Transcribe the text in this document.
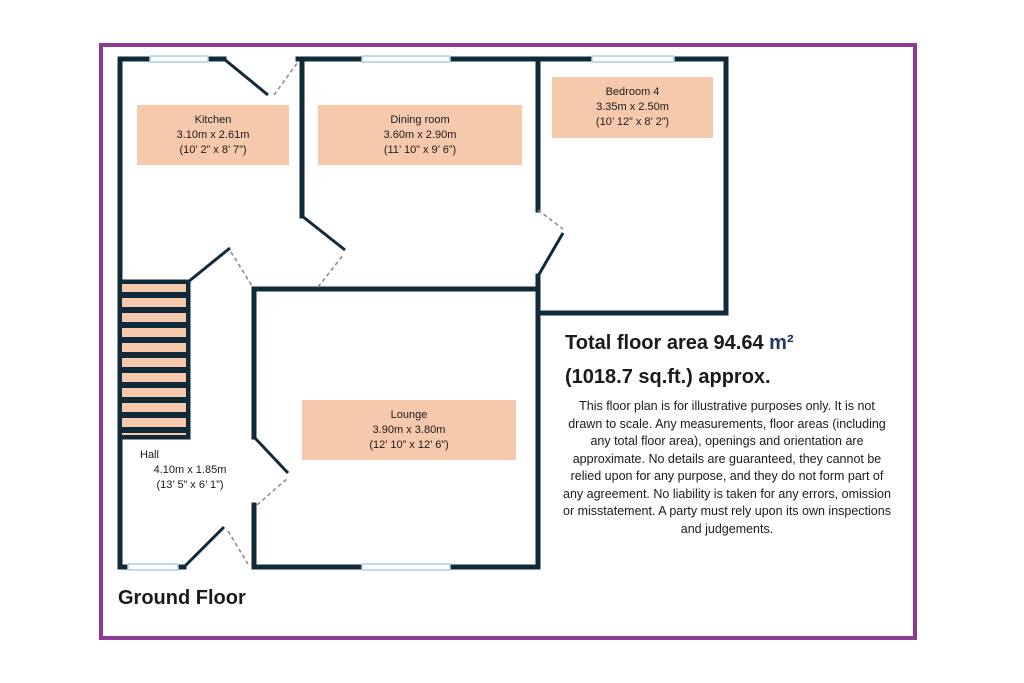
Kitchen
3.10m x 2.61m
(10’ 2” x 8’ 7”)
Dining room
3.60m x 2.90m
(11’ 10” x 9’ 6”)
Bedroom 4
3.35m x 2.50m
(10’ 12” x 8’ 2”)
Lounge
3.90m x 3.80m
(12’ 10” x 12’ 6”)
Hall
4.10m x 1.85m
(13’ 5” x 6’ 1”)
Total floor area 94.64 m²
(1018.7 sq.ft.) approx.
This floor plan is for illustrative purposes only. It is not drawn to scale. Any measurements, floor areas (including any total floor area), openings and orientation are approximate. No details are guaranteed, they cannot be relied upon for any purpose, and they do not form part of any agreement. No liability is taken for any errors, omission or misstatement. A party must rely upon its own inspections and judgements.
Ground Floor
